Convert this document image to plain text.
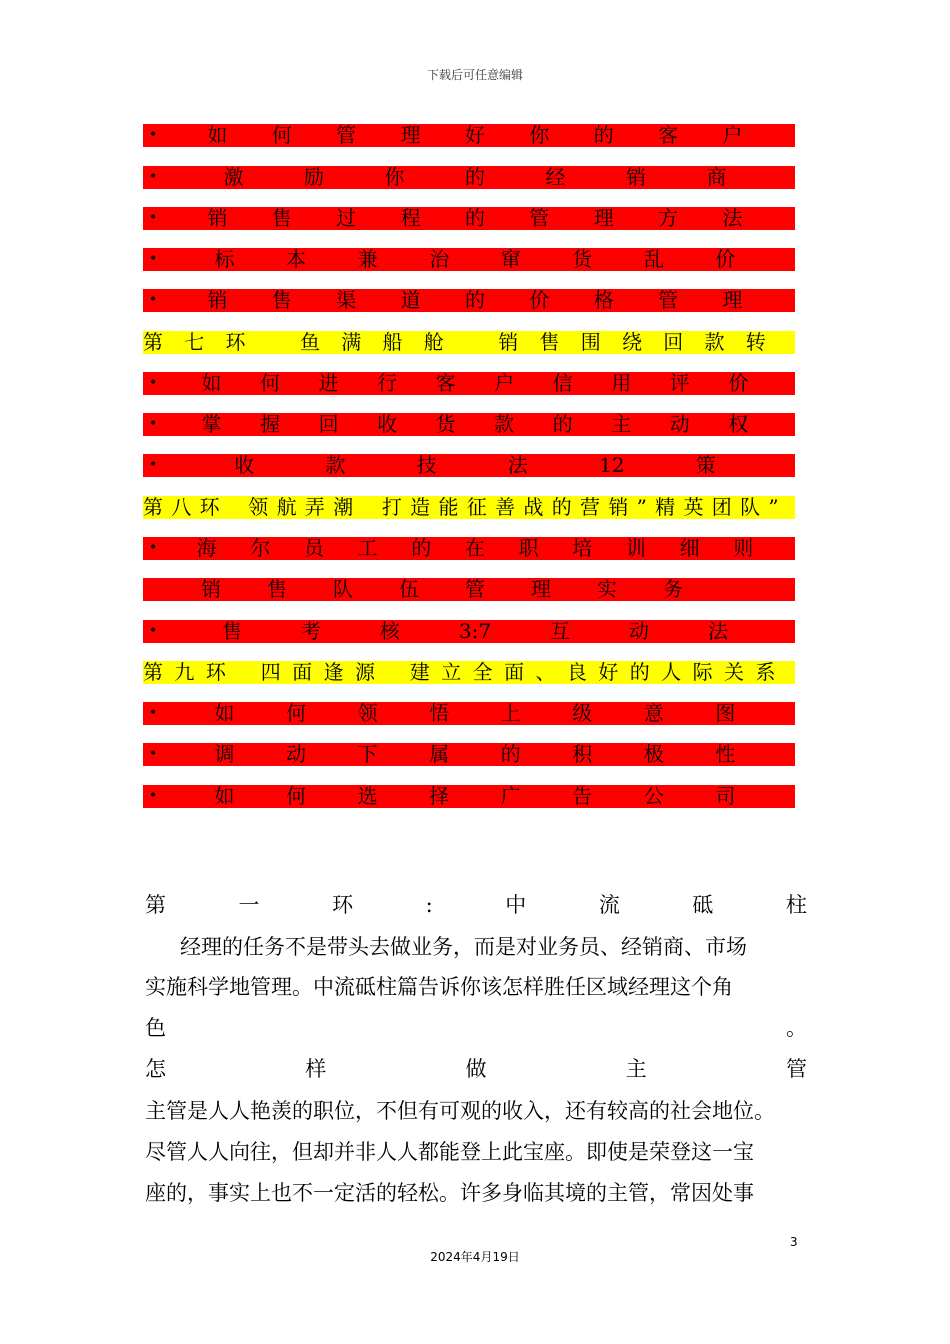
下载后可任意编辑
•	如 何 管 理 好 你 的 客 户
•	激	励	你	的	经	销	商
•	销 售 过 程 的 管 理 方 法
•	标	本	兼	治	窜	货	乱	价
•	销 售 渠 道 的 价 格 管 理
第 七 环	鱼 满 船 舱	销 售 围 绕 回 款 转
• 如 何 进 行 客 户 信 用 评 价
• 掌 握 回 收 货 款 的 主 动 权
•	收	款	技	法	12	策
第 八 环 领 航 弄 潮 打 造 能 征 善 战 的 营 销 ” 精 英 团 队 ”
• 海 尔 员 工 的 在 职 培 训 细 则
销 售 队 伍 管 理 实 务
•	售	考	核	3:7	互	动	法
第 九 环 四 面 逢 源 建 立 全 面 、 良 好 的 人 际 关 系
•	如	何	领	悟	上	级	意	图
•	调	动	下	属	的	积	极	性
•	如	何	选	择	广	告	公	司
第	一	环	:	中	流	砥	柱
经理的任务不是带头去做业务，而是对业务员、经销商、市场
实施科学地管理。中流砥柱篇告诉你该怎样胜任区域经理这个角
色	。
怎	样	做	主	管
主管是人人艳羡的职位，不但有可观的收入，还有较高的社会地位。
尽管人人向往，但却并非人人都能登上此宝座。即使是荣登这一宝
座的，事实上也不一定活的轻松。许多身临其境的主管，常因处事
3
2024年4月19日
